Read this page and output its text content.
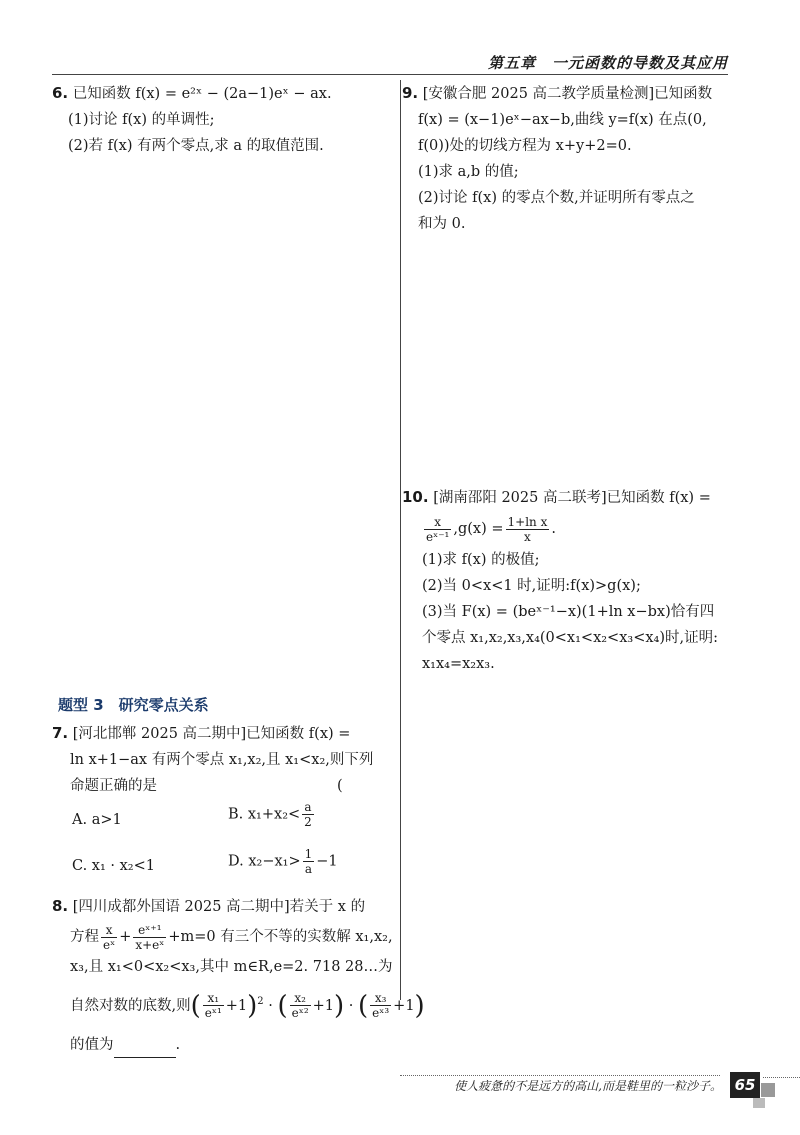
第五章　一元函数的导数及其应用
6. 已知函数 f(x) = e²ˣ − (2a−1)eˣ − ax.
(1)讨论 f(x) 的单调性;
(2)若 f(x) 有两个零点,求 a 的取值范围.
题型 3　研究零点关系
7. [河北邯郸 2025 高二期中]已知函数 f(x) =
ln x+1−ax 有两个零点 x₁,x₂,且 x₁<x₂,则下列
命题正确的是	(
A. a>1	B. $x_1+x_2< \frac{a}{2}$
C. x₁ · x₂<1	D. $x_2-x_1> \frac{1}{a} -1$
8. [四川成都外国语 2025 高二期中]若关于 x 的
方程 $\frac{x}{\text{eˣ}} + \frac{\text{eˣ⁺¹}}{\text{x+eˣ}} +m=0$ 有三个不等的实数解 x₁,x₂,
x₃,且 x₁<0<x₂<x₃,其中 m∈R,e=2. 718 28…为
自然对数的底数,则( $\frac{\text{x₁}}{\text{eˣ¹}} +1)^2$ · ( $\frac{\text{x₂}}{\text{eˣ²}} +1$) · ( $\frac{\text{x₃}}{\text{eˣ³}} +1$)
的值为	.
9. [安徽合肥 2025 高二教学质量检测]已知函数
f(x) = (x−1)eˣ−ax−b,曲线 y=f(x) 在点(0,
f(0))处的切线方程为 x+y+2=0.
(1)求 a,b 的值;
(2)讨论 f(x) 的零点个数,并证明所有零点之
和为 0.
10. [湖南邵阳 2025 高二联考]已知函数 f(x) =
$\frac{x}{\text{eˣ⁻¹}} ,g(x) = \frac{\text{1+ln x}}{x}$ .
(1)求 f(x) 的极值;
(2)当 0<x<1 时,证明:f(x)>g(x);
(3)当 F(x) = (beˣ⁻¹−x)(1+ln x−bx)恰有四
个零点 x₁,x₂,x₃,x₄(0<x₁<x₂<x₃<x₄)时,证明:
x₁x₄=x₂x₃.
使人疲惫的不是远方的高山,而是鞋里的一粒沙子。 65
